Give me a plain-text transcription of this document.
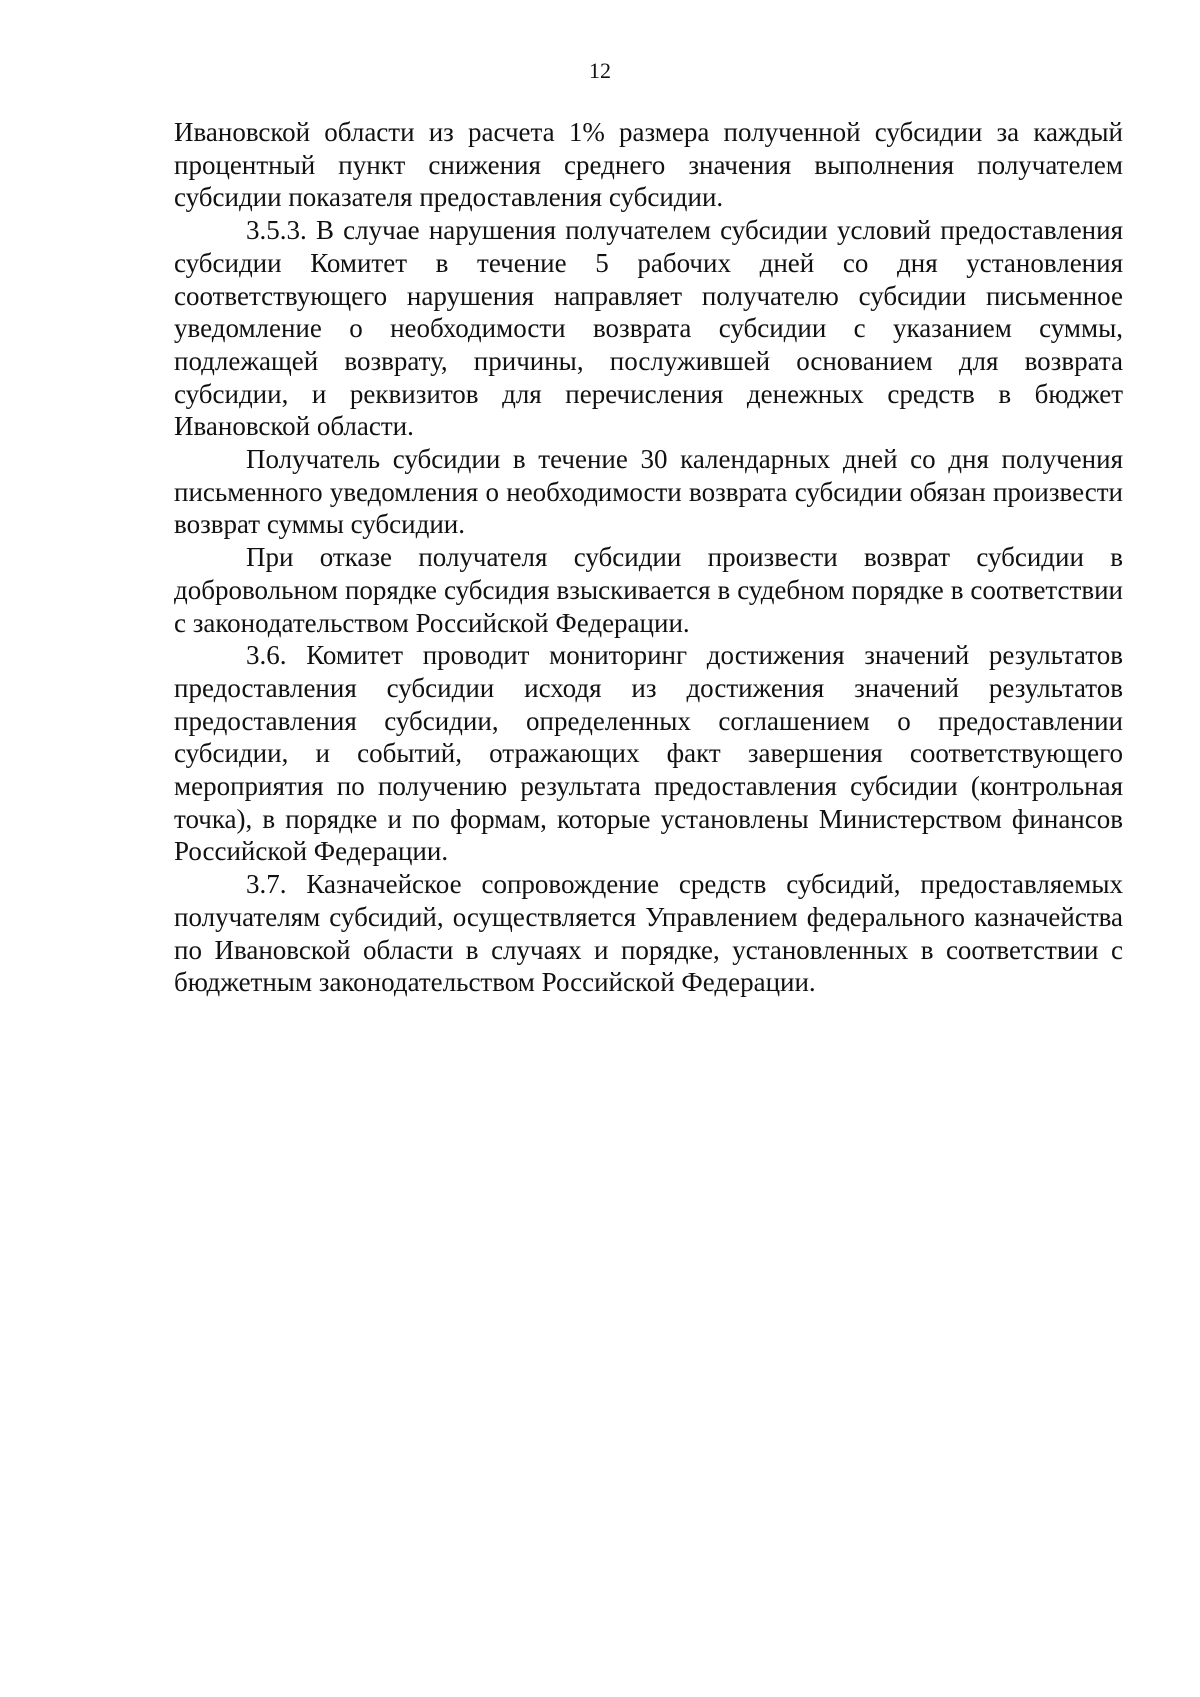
12

Ивановской области из расчета 1% размера полученной субсидии за каждый процентный пункт снижения среднего значения выполнения получателем субсидии показателя предоставления субсидии.

3.5.3. В случае нарушения получателем субсидии условий предоставления субсидии Комитет в течение 5 рабочих дней со дня установления соответствующего нарушения направляет получателю субсидии письменное уведомление о необходимости возврата субсидии с указанием суммы, подлежащей возврату, причины, послужившей основанием для возврата субсидии, и реквизитов для перечисления денежных средств в бюджет Ивановской области.

Получатель субсидии в течение 30 календарных дней со дня получения письменного уведомления о необходимости возврата субсидии обязан произвести возврат суммы субсидии.

При отказе получателя субсидии произвести возврат субсидии в добровольном порядке субсидия взыскивается в судебном порядке в соответствии с законодательством Российской Федерации.

3.6. Комитет проводит мониторинг достижения значений результатов предоставления субсидии исходя из достижения значений результатов предоставления субсидии, определенных соглашением о предоставлении субсидии, и событий, отражающих факт завершения соответствующего мероприятия по получению результата предоставления субсидии (контрольная точка), в порядке и по формам, которые установлены Министерством финансов Российской Федерации.

3.7. Казначейское сопровождение средств субсидий, предоставляемых получателям субсидий, осуществляется Управлением федерального казначейства по Ивановской области в случаях и порядке, установленных в соответствии с бюджетным законодательством Российской Федерации.
